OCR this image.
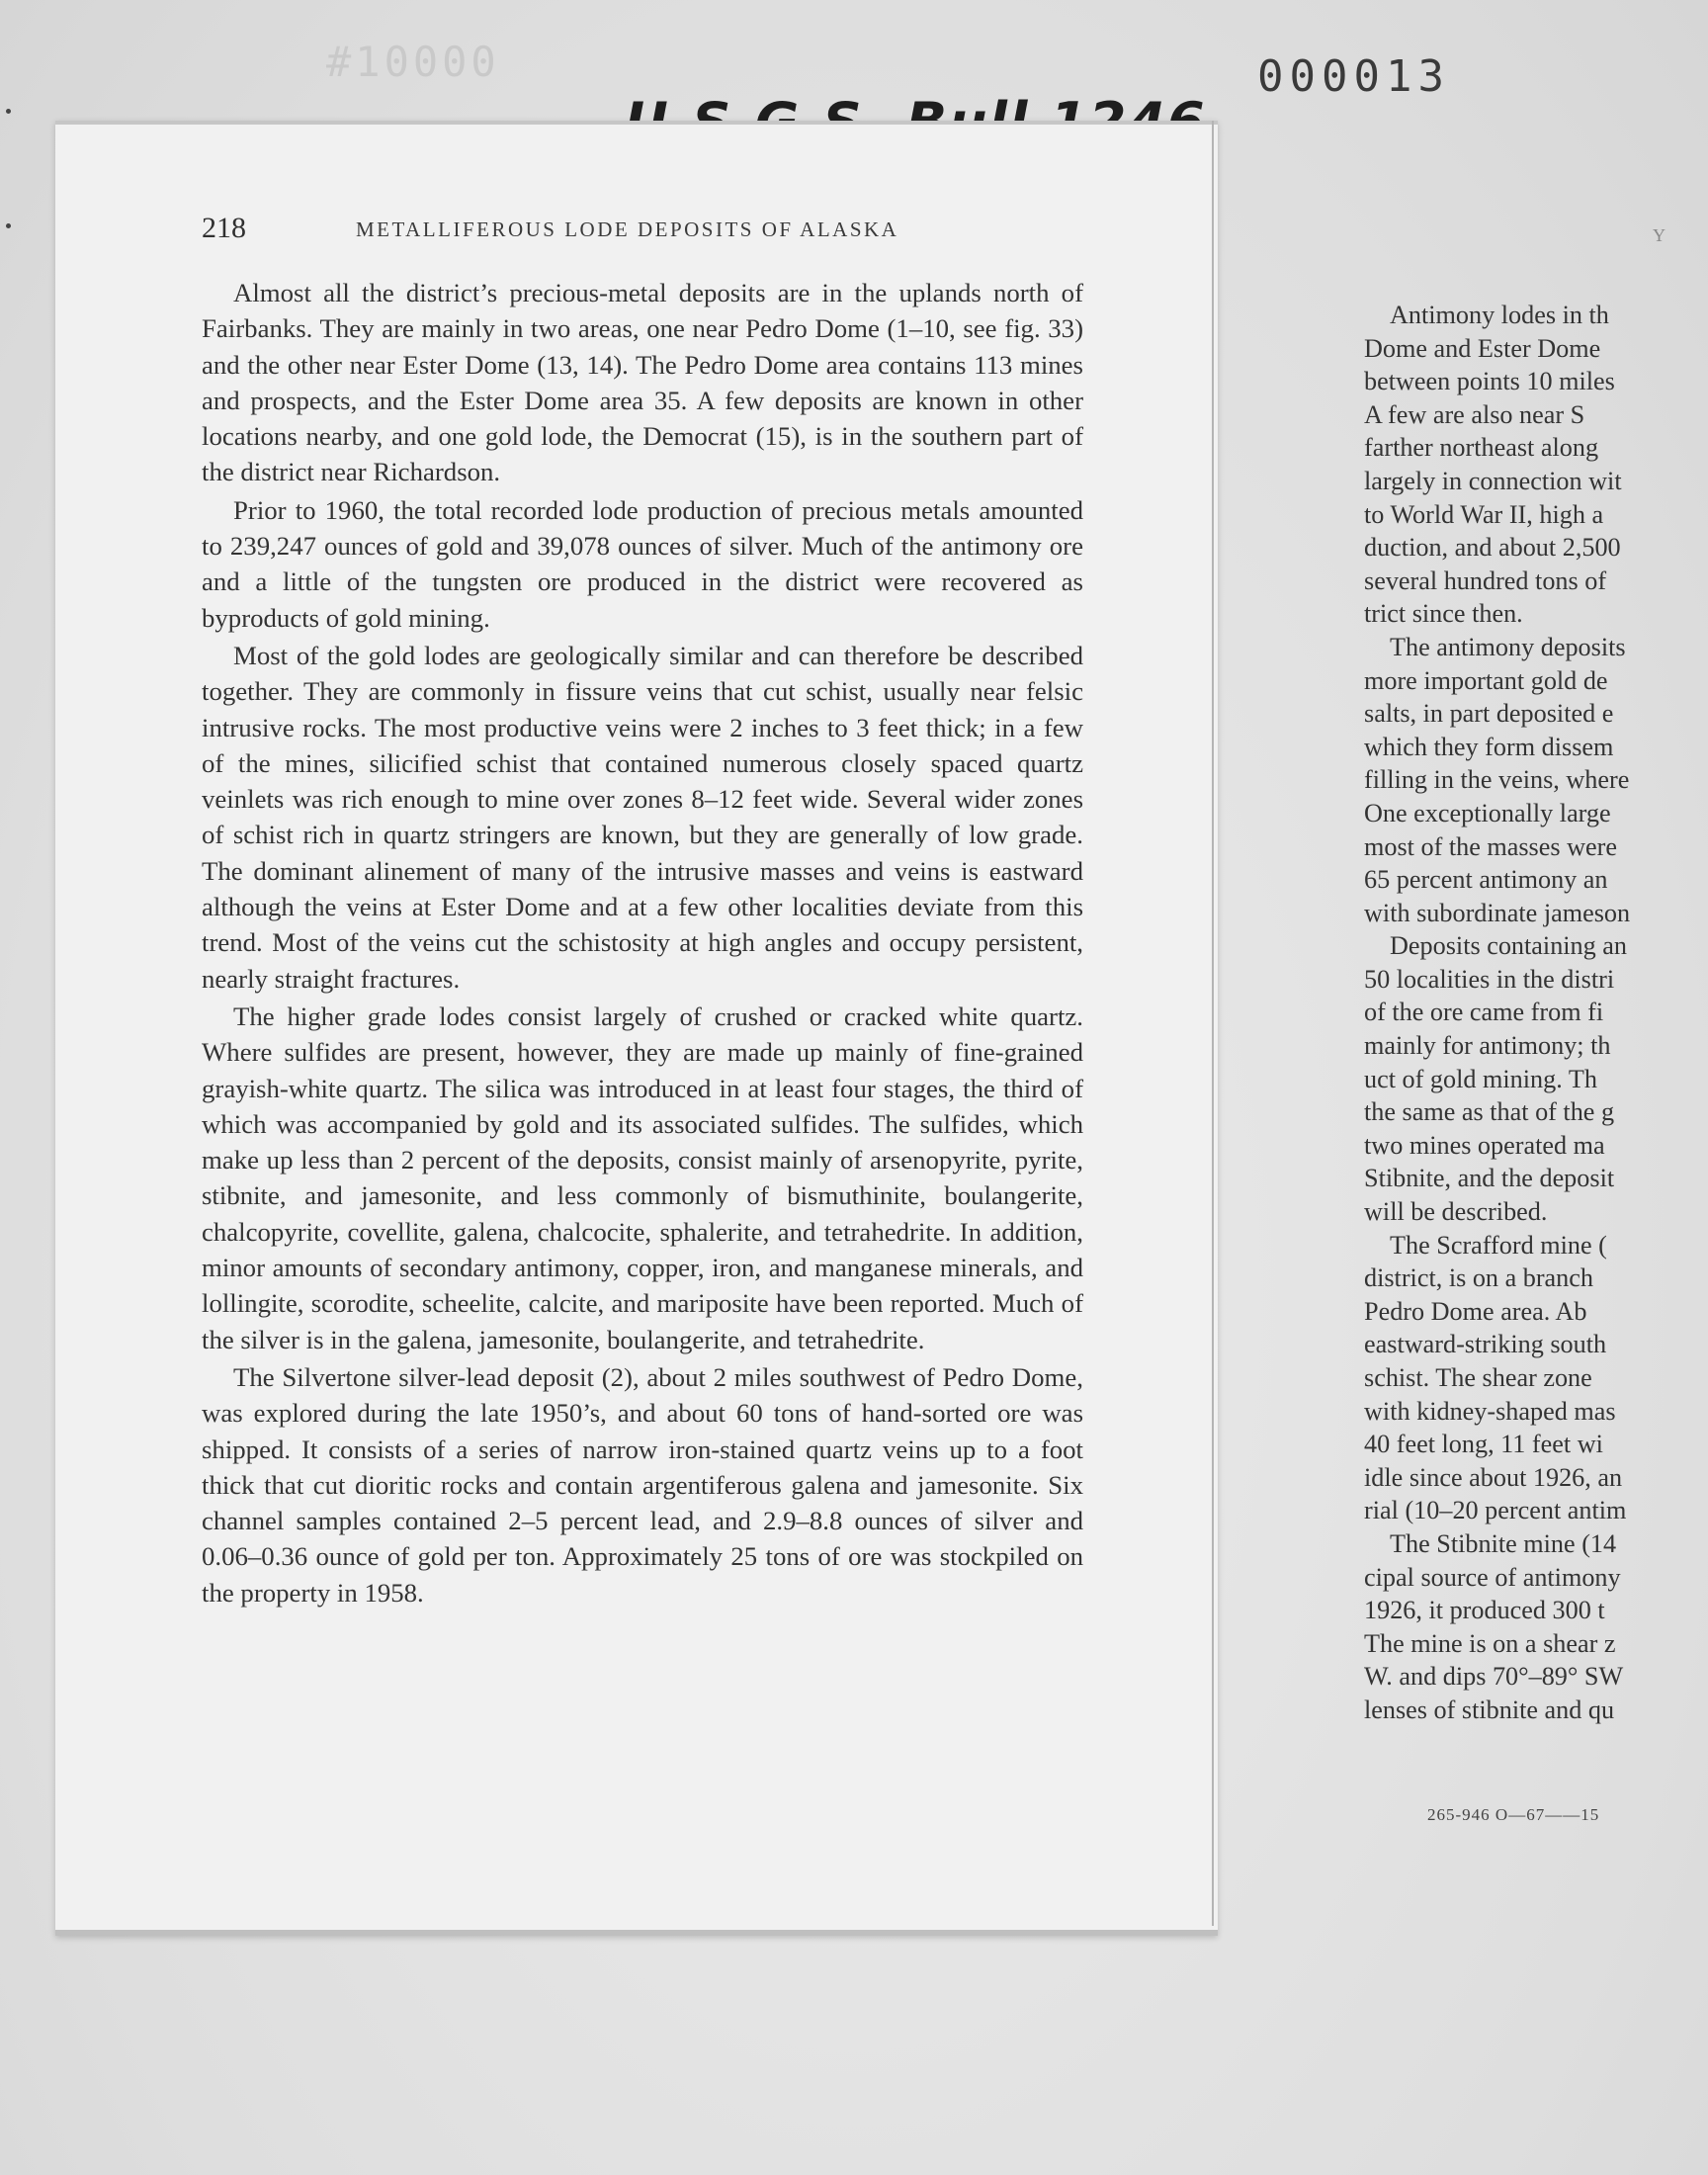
#10000	000013
218	METALLIFEROUS LODE DEPOSITS OF ALASKA

Almost all the district’s precious-metal deposits are in the uplands north of Fairbanks. They are mainly in two areas, one near Pedro Dome (1–10, see fig. 33) and the other near Ester Dome (13, 14). The Pedro Dome area contains 113 mines and prospects, and the Ester Dome area 35. A few deposits are known in other locations nearby, and one gold lode, the Democrat (15), is in the southern part of the district near Richardson.

Prior to 1960, the total recorded lode production of precious metals amounted to 239,247 ounces of gold and 39,078 ounces of silver. Much of the antimony ore and a little of the tungsten ore produced in the district were recovered as byproducts of gold mining.

Most of the gold lodes are geologically similar and can therefore be described together. They are commonly in fissure veins that cut schist, usually near felsic intrusive rocks. The most productive veins were 2 inches to 3 feet thick; in a few of the mines, silicified schist that contained numerous closely spaced quartz veinlets was rich enough to mine over zones 8–12 feet wide. Several wider zones of schist rich in quartz stringers are known, but they are generally of low grade. The dominant alinement of many of the intrusive masses and veins is eastward although the veins at Ester Dome and at a few other localities deviate from this trend. Most of the veins cut the schistosity at high angles and occupy persistent, nearly straight fractures.

The higher grade lodes consist largely of crushed or cracked white quartz. Where sulfides are present, however, they are made up mainly of fine-grained grayish-white quartz. The silica was introduced in at least four stages, the third of which was accompanied by gold and its associated sulfides. The sulfides, which make up less than 2 percent of the deposits, consist mainly of arsenopyrite, pyrite, stibnite, and jamesonite, and less commonly of bismuthinite, boulangerite, chalcopyrite, covellite, galena, chalcocite, sphalerite, and tetrahedrite. In addition, minor amounts of secondary antimony, copper, iron, and manganese minerals, and lollingite, scorodite, scheelite, calcite, and mariposite have been reported. Much of the silver is in the galena, jamesonite, boulangerite, and tetrahedrite.

The Silvertone silver-lead deposit (2), about 2 miles southwest of Pedro Dome, was explored during the late 1950’s, and about 60 tons of hand-sorted ore was shipped. It consists of a series of narrow iron-stained quartz veins up to a foot thick that cut dioritic rocks and contain argentiferous galena and jamesonite. Six channel samples contained 2–5 percent lead, and 2.9–8.8 ounces of silver and 0.06–0.36 ounce of gold per ton. Approximately 25 tons of ore was stockpiled on the property in 1958.

Y

Antimony lodes in th

Dome and Ester Dome

between points 10 miles

A few are also near S

farther northeast along

largely in connection wit

to World War II, high a

duction, and about 2,500

several hundred tons of

trict since then.

The antimony deposits

more important gold de

salts, in part deposited e

which they form dissem

filling in the veins, where

One exceptionally large

most of the masses were

65 percent antimony an

with subordinate jameson

Deposits containing an

50 localities in the distri

of the ore came from fi

mainly for antimony; th

uct of gold mining. Th

the same as that of the g

two mines operated ma

Stibnite, and the deposit

will be described.

The Scrafford mine (

district, is on a branch

Pedro Dome area. Ab

eastward-striking south

schist. The shear zone

with kidney-shaped mas

40 feet long, 11 feet wi

idle since about 1926, an

rial (10–20 percent antim

The Stibnite mine (14

cipal source of antimony

1926, it produced 300 t

The mine is on a shear z

W. and dips 70°–89° SW

lenses of stibnite and qu

265-946 O—67——15
